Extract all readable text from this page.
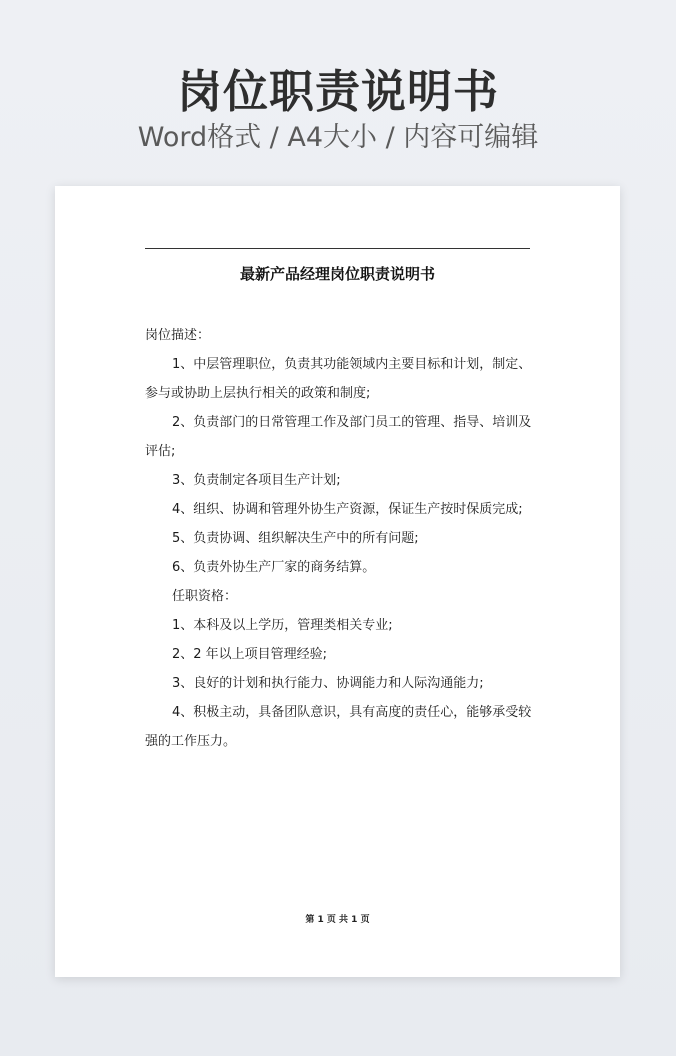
岗位职责说明书
Word格式 / A4大小 / 内容可编辑
最新产品经理岗位职责说明书
岗位描述：
1、中层管理职位，负责其功能领域内主要目标和计划，制定、
参与或协助上层执行相关的政策和制度;
2、负责部门的日常管理工作及部门员工的管理、指导、培训及
评估;
3、负责制定各项目生产计划;
4、组织、协调和管理外协生产资源，保证生产按时保质完成;
5、负责协调、组织解决生产中的所有问题;
6、负责外协生产厂家的商务结算。
任职资格：
1、本科及以上学历，管理类相关专业;
2、2 年以上项目管理经验;
3、良好的计划和执行能力、协调能力和人际沟通能力;
4、积极主动，具备团队意识，具有高度的责任心，能够承受较
强的工作压力。
第 1 页 共 1 页
